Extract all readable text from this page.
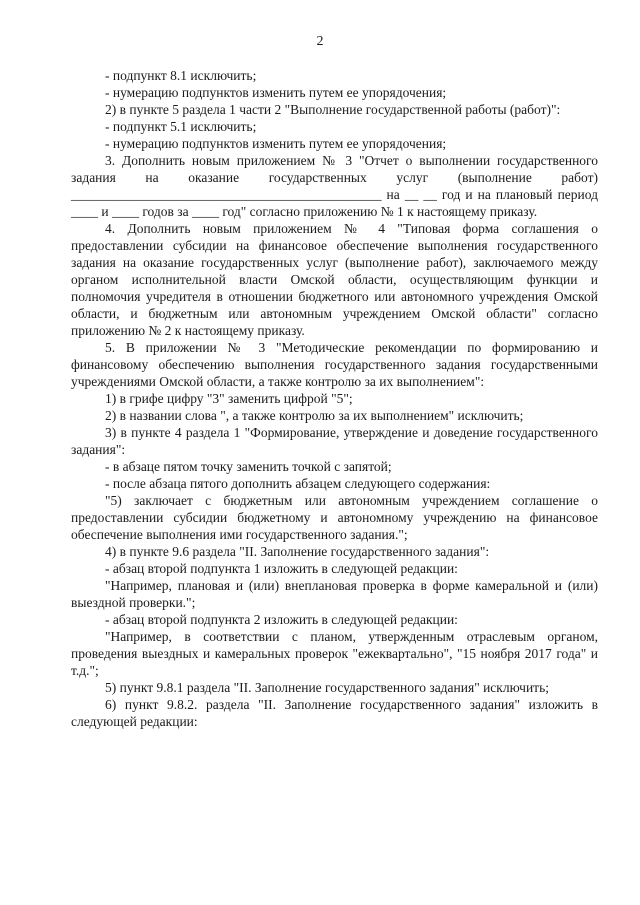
2

- подпункт 8.1 исключить;

- нумерацию подпунктов изменить путем ее упорядочения;

2) в пункте 5 раздела 1 части 2 "Выполнение государственной работы (работ)":

- подпункт 5.1 исключить;

- нумерацию подпунктов изменить путем ее упорядочения;

3. Дополнить новым приложением № 3 "Отчет о выполнении государственного задания на оказание государственных услуг (выполнение работ) ______________________________________________ на __ __ год и на плановый период ____ и ____ годов за ____ год" согласно приложению № 1 к настоящему приказу.

4. Дополнить новым приложением № 4 "Типовая форма соглашения о предоставлении субсидии на финансовое обеспечение выполнения государственного задания на оказание государственных услуг (выполнение работ), заключаемого между органом исполнительной власти Омской области, осуществляющим функции и полномочия учредителя в отношении бюджетного или автономного учреждения Омской области, и бюджетным или автономным учреждением Омской области" согласно приложению № 2 к настоящему приказу.

5. В приложении № 3 "Методические рекомендации по формированию и финансовому обеспечению выполнения государственного задания государственными учреждениями Омской области, а также контролю за их выполнением":

1) в грифе цифру "3" заменить цифрой "5";

2) в названии слова ", а также контролю за их выполнением" исключить;

3) в пункте 4 раздела 1 "Формирование, утверждение и доведение государственного задания":

- в абзаце пятом точку заменить точкой с запятой;

- после абзаца пятого дополнить абзацем следующего содержания:

"5) заключает с бюджетным или автономным учреждением соглашение о предоставлении субсидии бюджетному и автономному учреждению на финансовое обеспечение выполнения ими государственного задания.";

4) в пункте 9.6 раздела "II. Заполнение государственного задания":

- абзац второй подпункта 1 изложить в следующей редакции:

"Например, плановая и (или) внеплановая проверка в форме камеральной и (или) выездной проверки.";

- абзац второй подпункта 2 изложить в следующей редакции:

"Например, в соответствии с планом, утвержденным отраслевым органом, проведения выездных и камеральных проверок "ежеквартально", "15 ноября 2017 года" и т.д.";

5) пункт 9.8.1 раздела "II. Заполнение государственного задания" исключить;

6) пункт 9.8.2. раздела "II. Заполнение государственного задания" изложить в следующей редакции:
